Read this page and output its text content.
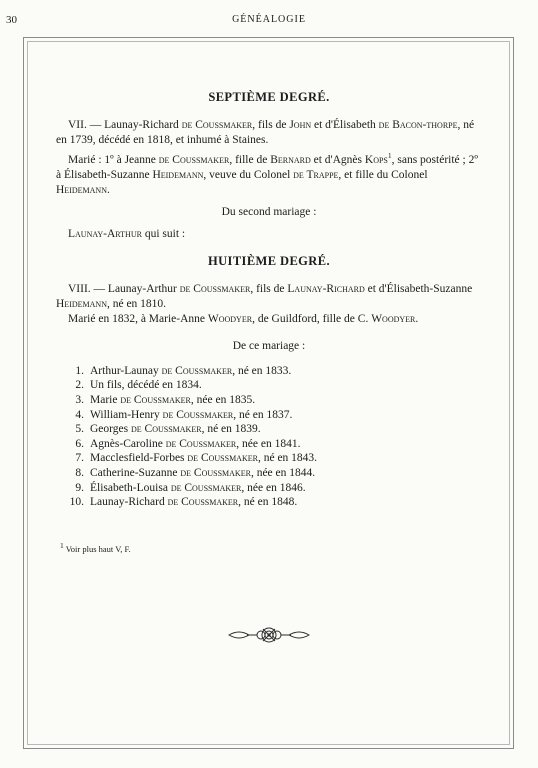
30	GÉNÉALOGIE
SEPTIÈME DEGRÉ.

VII. — Launay-Richard de Coussmaker, fils de John et d'Élisabeth de Bacon-thorpe, né en 1739, décédé en 1818, et inhumé à Staines.

Marié : 1º à Jeanne de Coussmaker, fille de Bernard et d'Agnès Kops$^1$, sans postérité ; 2º à Élisabeth-Suzanne Heidemann, veuve du Colonel de Trappe, et fille du Colonel Heidemann.

Du second mariage :

Launay-Arthur qui suit :

HUITIÈME DEGRÉ.

VIII. — Launay-Arthur de Coussmaker, fils de Launay-Richard et d'Élisabeth-Suzanne Heidemann, né en 1810.

Marié en 1832, à Marie-Anne Woodyer, de Guildford, fille de C. Woodyer.

De ce mariage :

1. Arthur-Launay de Coussmaker, né en 1833.
2. Un fils, décédé en 1834.
3. Marie de Coussmaker, née en 1835.
4. William-Henry de Coussmaker, né en 1837.
5. Georges de Coussmaker, né en 1839.
6. Agnès-Caroline de Coussmaker, née en 1841.
7. Macclesfield-Forbes de Coussmaker, né en 1843.
8. Catherine-Suzanne de Coussmaker, née en 1844.
9. Élisabeth-Louisa de Coussmaker, née en 1846.
10. Launay-Richard de Coussmaker, né en 1848.

1 Voir plus haut V, F.
